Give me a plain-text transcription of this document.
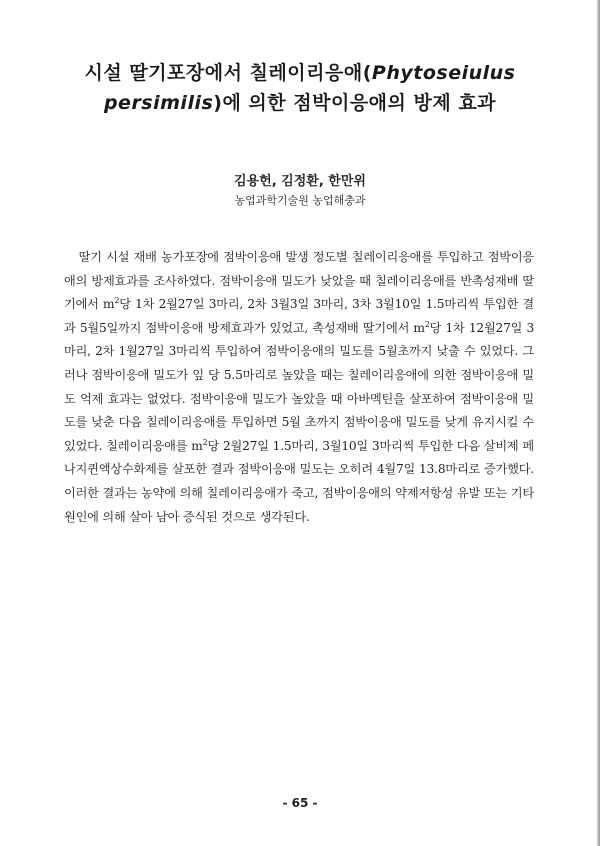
시설 딸기포장에서 칠레이리응애(Phytoseiulus persimilis)에 의한 점박이응애의 방제 효과
김용헌, 김정환, 한만위
농업과학기술원 농업해충과
딸기 시설 재배 농가포장에 점박이응애 발생 정도별 칠레이리응애를 투입하고 점박이응애의 방제효과를 조사하였다. 점박이응애 밀도가 낮았을 때 칠레이리응애를 반촉성재배 딸기에서 $m^2$당 1차 2월27일 3마리, 2차 3월3일 3마리, 3차 3월10일 1.5마리씩 투입한 결과 5월5일까지 점박이응애 방제효과가 있었고, 촉성재배 딸기에서 $m^2$당 1차 12월27일 3마리, 2차 1월27일 3마리씩 투입하여 점박이응애의 밀도를 5월초까지 낮출 수 있었다. 그러나 점박이응애 밀도가 잎 당 5.5마리로 높았을 때는 칠레이리응애에 의한 점박이응애 밀도 억제 효과는 없었다. 점박이응애 밀도가 높았을 때 아바멕틴을 살포하여 점박이응애 밀도를 낮춘 다음 칠레이리응애를 투입하면 5월 초까지 점박이응애 밀도를 낮게 유지시킬 수 있었다. 칠레이리응애를 $m^2$당 2월27일 1.5마리, 3월10일 3마리씩 투입한 다음 살비제 페나지퀸액상수화제를 살포한 결과 점박이응애 밀도는 오히려 4월7일 13.8마리로 증가했다. 이러한 결과는 농약에 의해 칠레이리응애가 죽고, 점박이응애의 약제저항성 유발 또는 기타 원인에 의해 살아 남아 증식된 것으로 생각된다.
- 65 -
